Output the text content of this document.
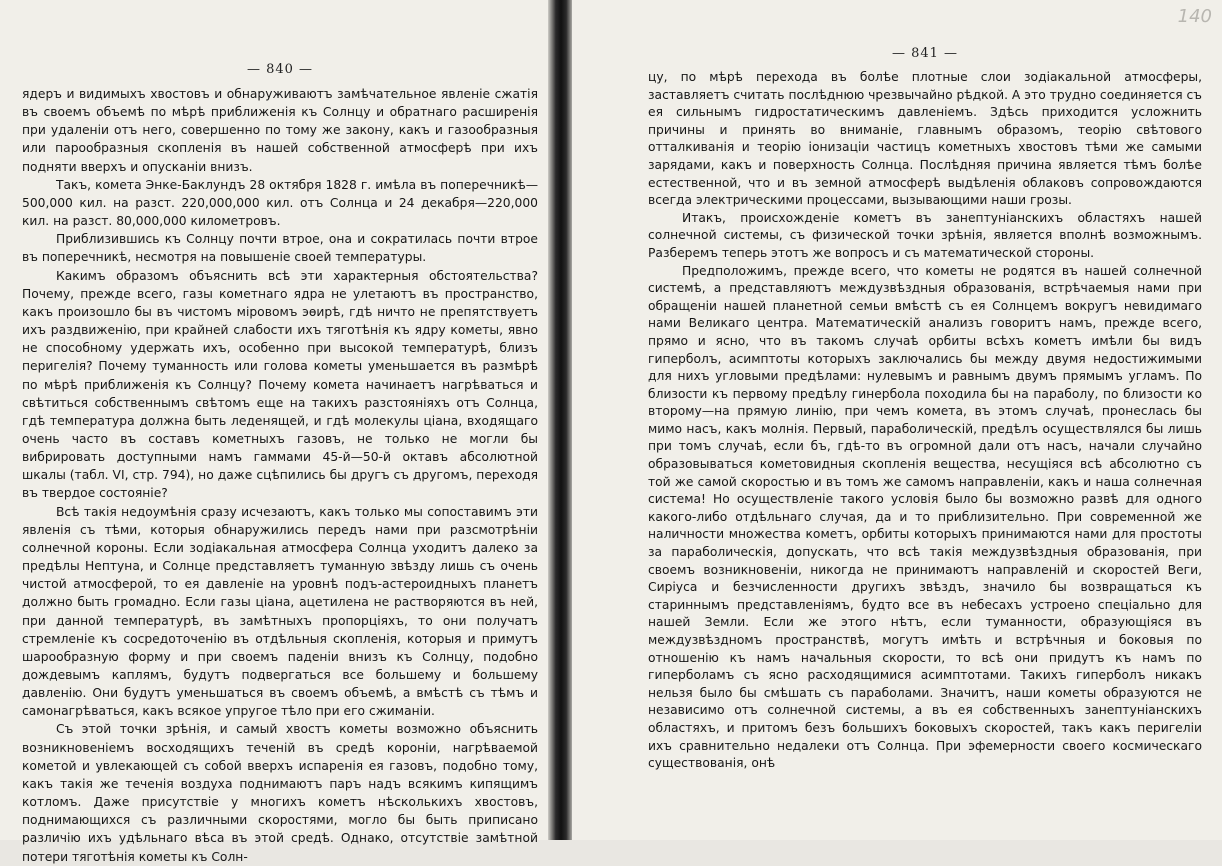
— 840 —

ядеръ и видимыхъ хвостовъ и обнаруживаютъ замѣчательное явленіе сжатія въ своемъ объемѣ по мѣрѣ приближенія къ Солнцу и обратнаго расширенія при удаленіи отъ него, совершенно по тому же закону, какъ и газообразныя или парообразныя скопленія въ нашей собственной атмосферѣ при ихъ подняти вверхъ и опусканіи внизъ.

Такъ, комета Энке-Баклундъ 28 октября 1828 г. имѣла въ поперечникѣ—500,000 кил. на разст. 220,000,000 кил. отъ Солнца и 24 декабря—220,000 кил. на разст. 80,000,000 километровъ.

Приблизившись къ Солнцу почти втрое, она и сократилась почти втрое въ поперечникѣ, несмотря на повышеніе своей температуры.

Какимъ образомъ объяснить всѣ эти характерныя обстоятельства? Почему, прежде всего, газы кометнаго ядра не улетаютъ въ пространство, какъ произошло бы въ чистомъ міровомъ эѳирѣ, гдѣ ничто не препятствуетъ ихъ раздвиженію, при крайней слабости ихъ тяготѣнія къ ядру кометы, явно не способному удержать ихъ, особенно при высокой температурѣ, близъ перигелія? Почему туманность или голова кометы уменьшается въ размѣрѣ по мѣрѣ приближенія къ Солнцу? Почему комета начинаетъ нагрѣваться и свѣтиться собственнымъ свѣтомъ еще на такихъ разстояніяхъ отъ Солнца, гдѣ температура должна быть леденящей, и гдѣ молекулы ціана, входящаго очень часто въ составъ кометныхъ газовъ, не только не могли бы вибрировать доступными намъ гаммами 45-й—50-й октавъ абсолютной шкалы (табл. VI, стр. 794), но даже сцѣпились бы другъ съ другомъ, переходя въ твердое состояніе?

Всѣ такія недоумѣнія сразу исчезаютъ, какъ только мы сопоставимъ эти явленія съ тѣми, которыя обнаружились передъ нами при разсмотрѣніи солнечной короны. Если зодіакальная атмосфера Солнца уходитъ далеко за предѣлы Нептуна, и Солнце представляетъ туманную звѣзду лишь съ очень чистой атмосферой, то ея давленіе на уровнѣ подъ-астероидныхъ планетъ должно быть громадно. Если газы ціана, ацетилена не растворяются въ ней, при данной температурѣ, въ замѣтныхъ пропорціяхъ, то они получатъ стремленіе къ сосредоточенію въ отдѣльныя скопленія, которыя и примутъ шарообразную форму и при своемъ паденіи внизъ къ Солнцу, подобно дождевымъ каплямъ, будутъ подвергаться все большему и большему давленію. Они будутъ уменьшаться въ своемъ объемѣ, а вмѣстѣ съ тѣмъ и самонагрѣваться, какъ всякое упругое тѣло при его сжиманіи.

Съ этой точки зрѣнія, и самый хвостъ кометы возможно объяснить возникновеніемъ восходящихъ теченій въ средѣ короніи, нагрѣваемой кометой и увлекающей съ собой вверхъ испаренія ея газовъ, подобно тому, какъ такія же теченія воздуха поднимаютъ паръ надъ всякимъ кипящимъ котломъ. Даже присутствіе у многихъ кометъ нѣсколькихъ хвостовъ, поднимающихся съ различными скоростями, могло бы быть приписано различію ихъ удѣльнаго вѣса въ этой средѣ. Однако, отсутствіе замѣтной потери тяготѣнія кометы къ Солн-

— 841 —

цу, по мѣрѣ перехода въ болѣе плотные слои зодіакальной атмосферы, заставляетъ считать послѣднюю чрезвычайно рѣдкой. А это трудно соединяется съ ея сильнымъ гидростатическимъ давленіемъ. Здѣсь приходится усложнить причины и принять во вниманіе, главнымъ образомъ, теорію свѣтового отталкиванія и теорію іонизаціи частицъ кометныхъ хвостовъ тѣми же самыми зарядами, какъ и поверхность Солнца. Послѣдняя причина является тѣмъ болѣе естественной, что и въ земной атмосферѣ выдѣленія облаковъ сопровождаются всегда электрическими процессами, вызывающими наши грозы.

Итакъ, происхожденіе кометъ въ занептуніанскихъ областяхъ нашей солнечной системы, съ физической точки зрѣнія, является вполнѣ возможнымъ. Разберемъ теперь этотъ же вопросъ и съ математической стороны.

Предположимъ, прежде всего, что кометы не родятся въ нашей солнечной системѣ, а представляютъ междузвѣздныя образованія, встрѣчаемыя нами при обращеніи нашей планетной семьи вмѣстѣ съ ея Солнцемъ вокругъ невидимаго нами Великаго центра. Математическій анализъ говоритъ намъ, прежде всего, прямо и ясно, что въ такомъ случаѣ орбиты всѣхъ кометъ имѣли бы видъ гиперболъ, асимптоты которыхъ заключались бы между двумя недостижимыми для нихъ угловыми предѣлами: нулевымъ и равнымъ двумъ прямымъ угламъ. По близости къ первому предѣлу гинербола походила бы на параболу, по близости ко второму—на прямую линію, при чемъ комета, въ этомъ случаѣ, пронеслась бы мимо насъ, какъ молнія. Первый, параболическій, предѣлъ осуществлялся бы лишь при томъ случаѣ, если бъ, гдѣ-то въ огромной дали отъ насъ, начали случайно образовываться кометовидныя скопленія вещества, несущіяся всѣ абсолютно съ той же самой скоростью и въ томъ же самомъ направленіи, какъ и наша солнечная система! Но осуществленіе такого условія было бы возможно развѣ для одного какого-либо отдѣльнаго случая, да и то приблизительно. При современной же наличности множества кометъ, орбиты которыхъ принимаются нами для простоты за параболическія, допускать, что всѣ такія междузвѣздныя образованія, при своемъ возникновеніи, никогда не принимаютъ направленій и скоростей Веги, Сиріуса и безчисленности другихъ звѣздъ, значило бы возвращаться къ стариннымъ представленіямъ, будто все въ небесахъ устроено спеціально для нашей Земли. Если же этого нѣтъ, если туманности, образующіяся въ междузвѣздномъ пространствѣ, могутъ имѣть и встрѣчныя и боковыя по отношенію къ намъ начальныя скорости, то всѣ они придутъ къ намъ по гиперболамъ съ ясно расходящимися асимптотами. Такихъ гиперболъ никакъ нельзя было бы смѣшать съ параболами. Значитъ, наши кометы образуются не независимо отъ солнечной системы, а въ ея собственныхъ занептуніанскихъ областяхъ, и притомъ безъ большихъ боковыхъ скоростей, такъ какъ перигеліи ихъ сравнительно недалеки отъ Солнца. При эфемерности своего космическаго существованія, онѣ

140
